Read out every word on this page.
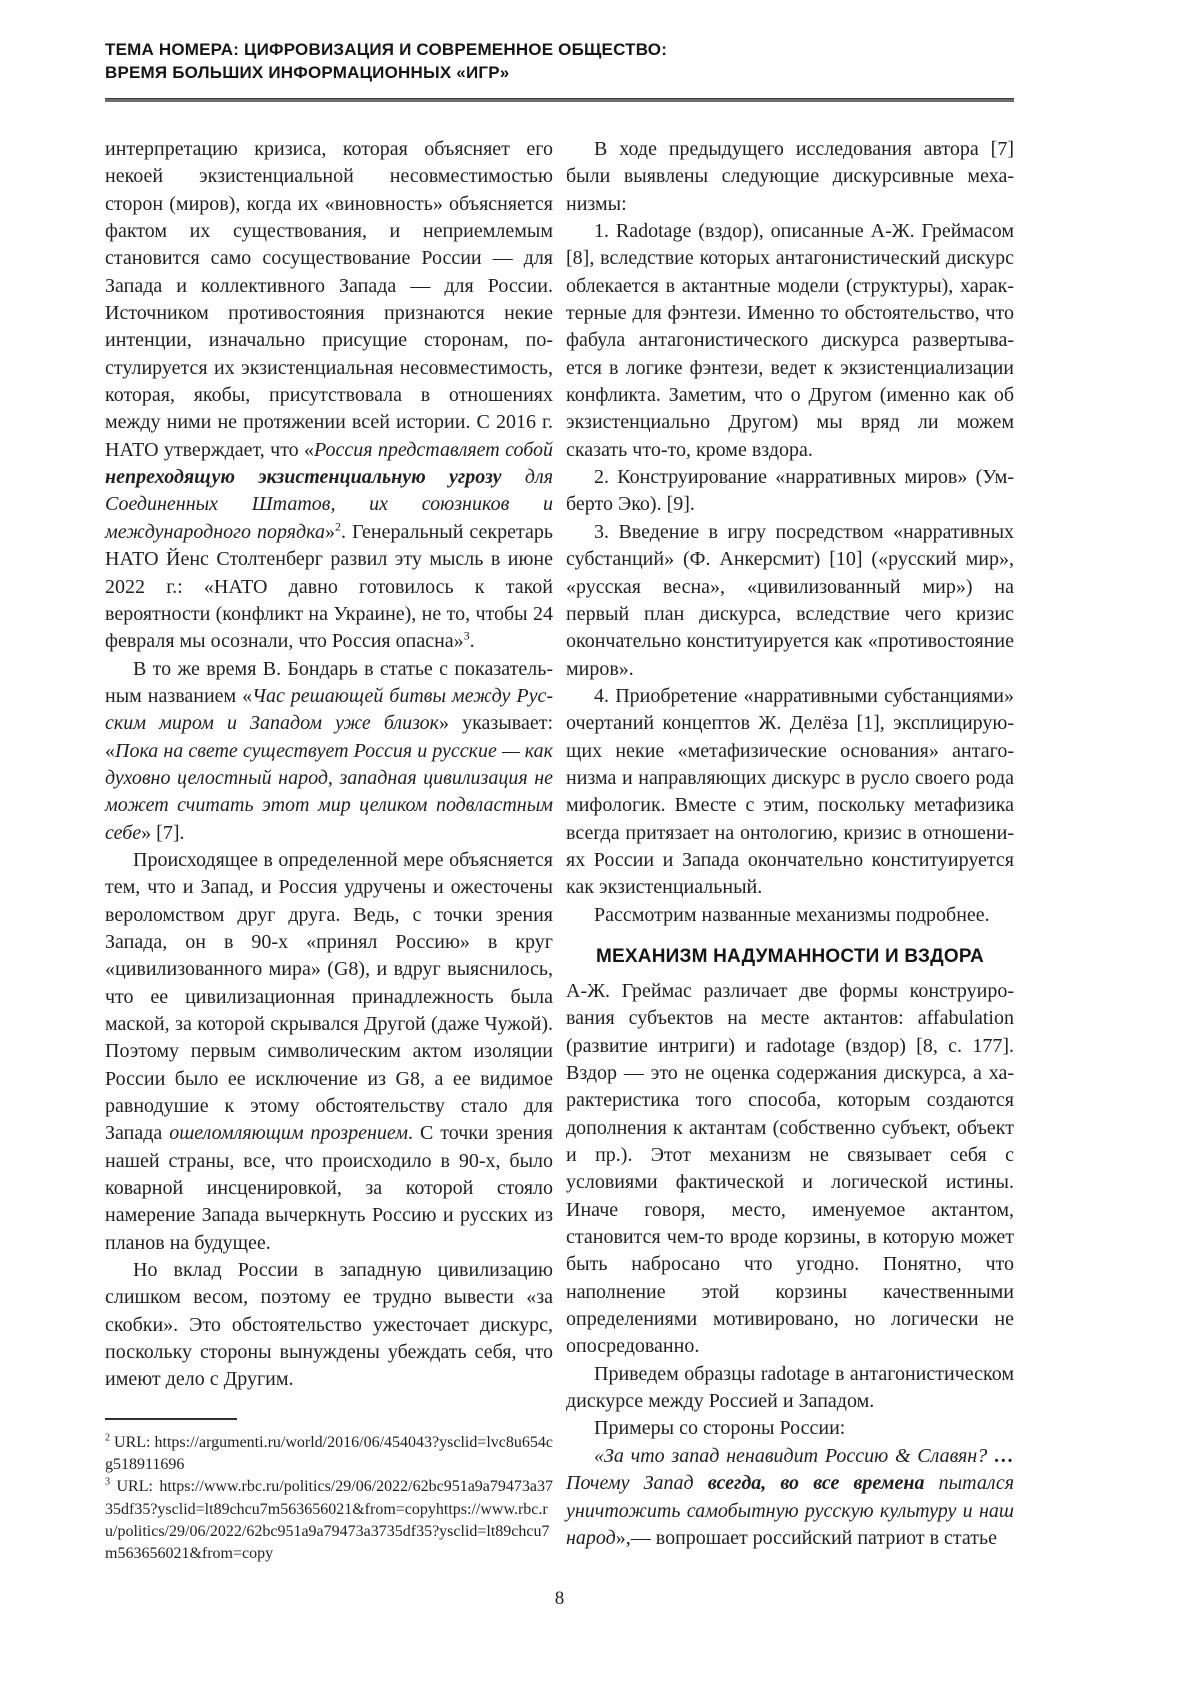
ТЕМА НОМЕРА: ЦИФРОВИЗАЦИЯ И СОВРЕМЕННОЕ ОБЩЕСТВО:
ВРЕМЯ БОЛЬШИХ ИНФОРМАЦИОННЫХ «ИГР»

интерпретацию кризиса, которая объясняет его некоей экзистенциальной несовместимостью сторон (миров), когда их «виновность» объясняется фактом их существования, и неприемлемым становится само сосуществование России — для Запада и коллективного Запада — для России. Источником противостояния признаются некие интенции, изначально присущие сторонам, постулируется их экзистенциальная несовместимость, которая, якобы, присутствовала в отношениях между ними не протяжении всей истории. С 2016 г. НАТО утверждает, что «Россия представляет собой непреходящую экзистенциальную угрозу для Соединенных Штатов, их союзников и международного порядка»$^2$. Генеральный секретарь НАТО Йенс Столтенберг развил эту мысль в июне 2022 г.: «НАТО давно готовилось к такой вероятности (конфликт на Украине), не то, чтобы 24 февраля мы осознали, что Россия опасна»$^3$.

В то же время В. Бондарь в статье с показательным названием «Час решающей битвы между Русским миром и Западом уже близок» указывает: «Пока на свете существует Россия и русские — как духовно целостный народ, западная цивилизация не может считать этот мир целиком подвластным себе» [7].

Происходящее в определенной мере объясняется тем, что и Запад, и Россия удручены и ожесточены вероломством друг друга. Ведь, с точки зрения Запада, он в 90-х «принял Россию» в круг «цивилизованного мира» (G8), и вдруг выяснилось, что ее цивилизационная принадлежность была маской, за которой скрывался Другой (даже Чужой). Поэтому первым символическим актом изоляции России было ее исключение из G8, а ее видимое равнодушие к этому обстоятельству стало для Запада ошеломляющим прозрением. С точки зрения нашей страны, все, что происходило в 90-х, было коварной инсценировкой, за которой стояло намерение Запада вычеркнуть Россию и русских из планов на будущее.

Но вклад России в западную цивилизацию слишком весом, поэтому ее трудно вывести «за скобки». Это обстоятельство ужесточает дискурс, поскольку стороны вынуждены убеждать себя, что имеют дело с Другим.

$^2$ URL: https://argumenti.ru/world/2016/06/454043?ysclid=lvc8u654cg518911696

$^3$ URL: https://www.rbc.ru/politics/29/06/2022/62bc951a9a79473a3735df35?ysclid=lt89chcu7m563656021&from=copyhttps://www.rbc.ru/politics/29/06/2022/62bc951a9a79473a3735df35?ysclid=lt89chcu7m563656021&from=copy

В ходе предыдущего исследования автора [7] были выявлены следующие дискурсивные механизмы:

1. Radotage (вздор), описанные А-Ж. Греймасом [8], вследствие которых антагонистический дискурс облекается в актантные модели (структуры), характерные для фэнтези. Именно то обстоятельство, что фабула антагонистического дискурса развертывается в логике фэнтези, ведет к экзистенциализации конфликта. Заметим, что о Другом (именно как об экзистенциально Другом) мы вряд ли можем сказать что-то, кроме вздора.

2. Конструирование «нарративных миров» (Умберто Эко). [9].

3. Введение в игру посредством «нарративных субстанций» (Ф. Анкерсмит) [10] («русский мир», «русская весна», «цивилизованный мир») на первый план дискурса, вследствие чего кризис окончательно конституируется как «противостояние миров».

4. Приобретение «нарративными субстанциями» очертаний концептов Ж. Делёза [1], эксплицирующих некие «метафизические основания» антагонизма и направляющих дискурс в русло своего рода мифологик. Вместе с этим, поскольку метафизика всегда притязает на онтологию, кризис в отношениях России и Запада окончательно конституируется как экзистенциальный.

Рассмотрим названные механизмы подробнее.

МЕХАНИЗМ НАДУМАННОСТИ И ВЗДОРА

А-Ж. Греймас различает две формы конструирования субъектов на месте актантов: affabulation (развитие интриги) и radotage (вздор) [8, с. 177]. Вздор — это не оценка содержания дискурса, а характеристика того способа, которым создаются дополнения к актантам (собственно субъект, объект и пр.). Этот механизм не связывает себя с условиями фактической и логической истины. Иначе говоря, место, именуемое актантом, становится чем-то вроде корзины, в которую может быть набросано что угодно. Понятно, что наполнение этой корзины качественными определениями мотивировано, но логически не опосредованно.

Приведем образцы radotage в антагонистическом дискурсе между Россией и Западом.

Примеры со стороны России:

«За что запад ненавидит Россию & Славян? … Почему Запад всегда, во все времена пытался уничтожить самобытную русскую культуру и наш народ»,— вопрошает российский патриот в статье

8
